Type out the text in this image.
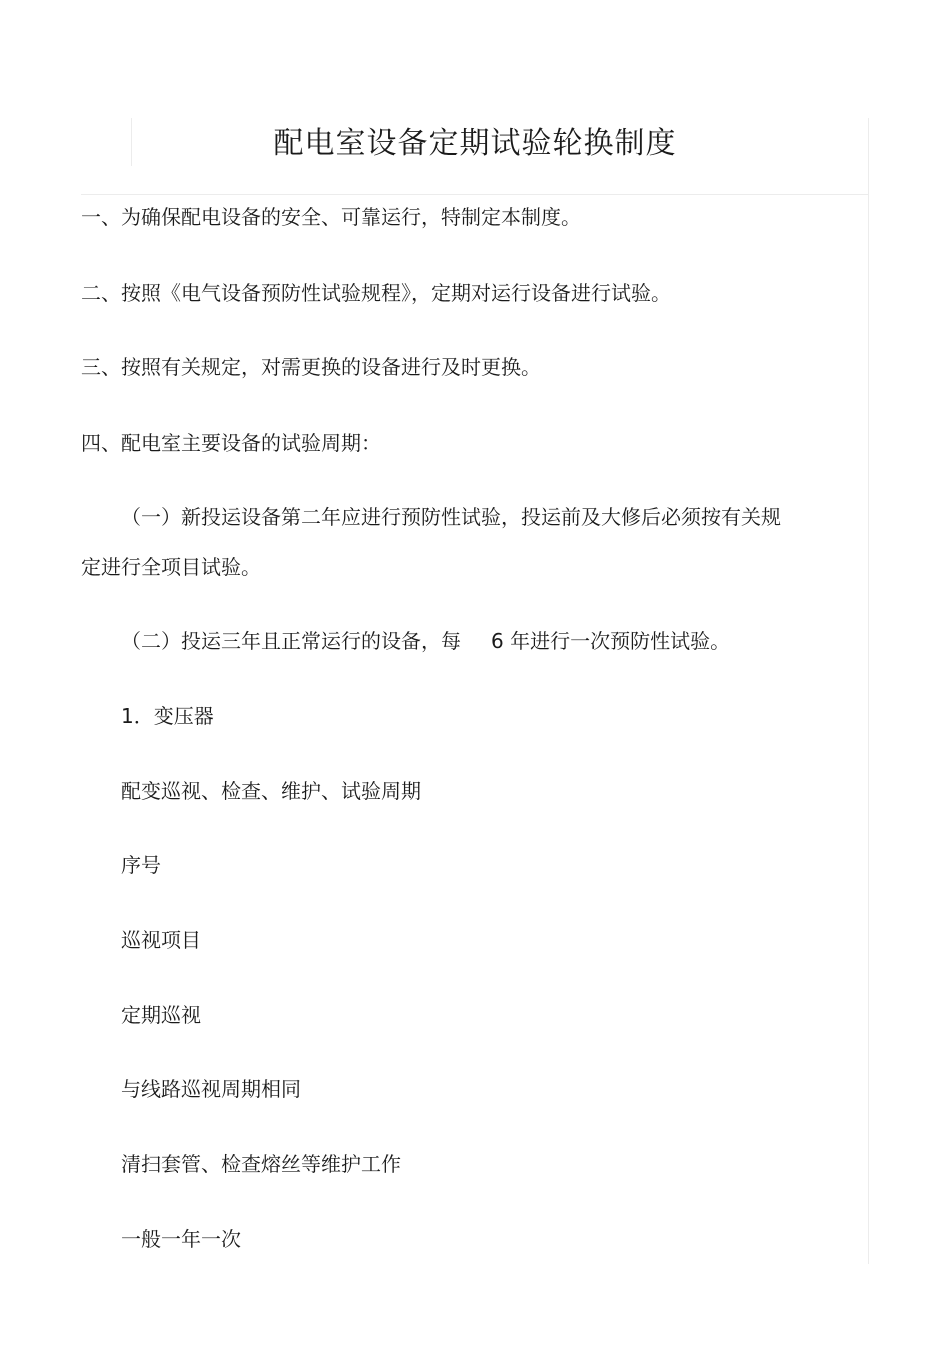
配电室设备定期试验轮换制度

一、为确保配电设备的安全、可靠运行，特制定本制度。

二、按照《电气设备预防性试验规程》，定期对运行设备进行试验。

三、按照有关规定，对需更换的设备进行及时更换。

四、配电室主要设备的试验周期：

（一）新投运设备第二年应进行预防性试验，投运前及大修后必须按有关规

定进行全项目试验。

（二）投运三年且正常运行的设备，每 6 年进行一次预防性试验。

1．变压器

配变巡视、检查、维护、试验周期

序号

巡视项目

定期巡视

与线路巡视周期相同

清扫套管、检查熔丝等维护工作

一般一年一次
